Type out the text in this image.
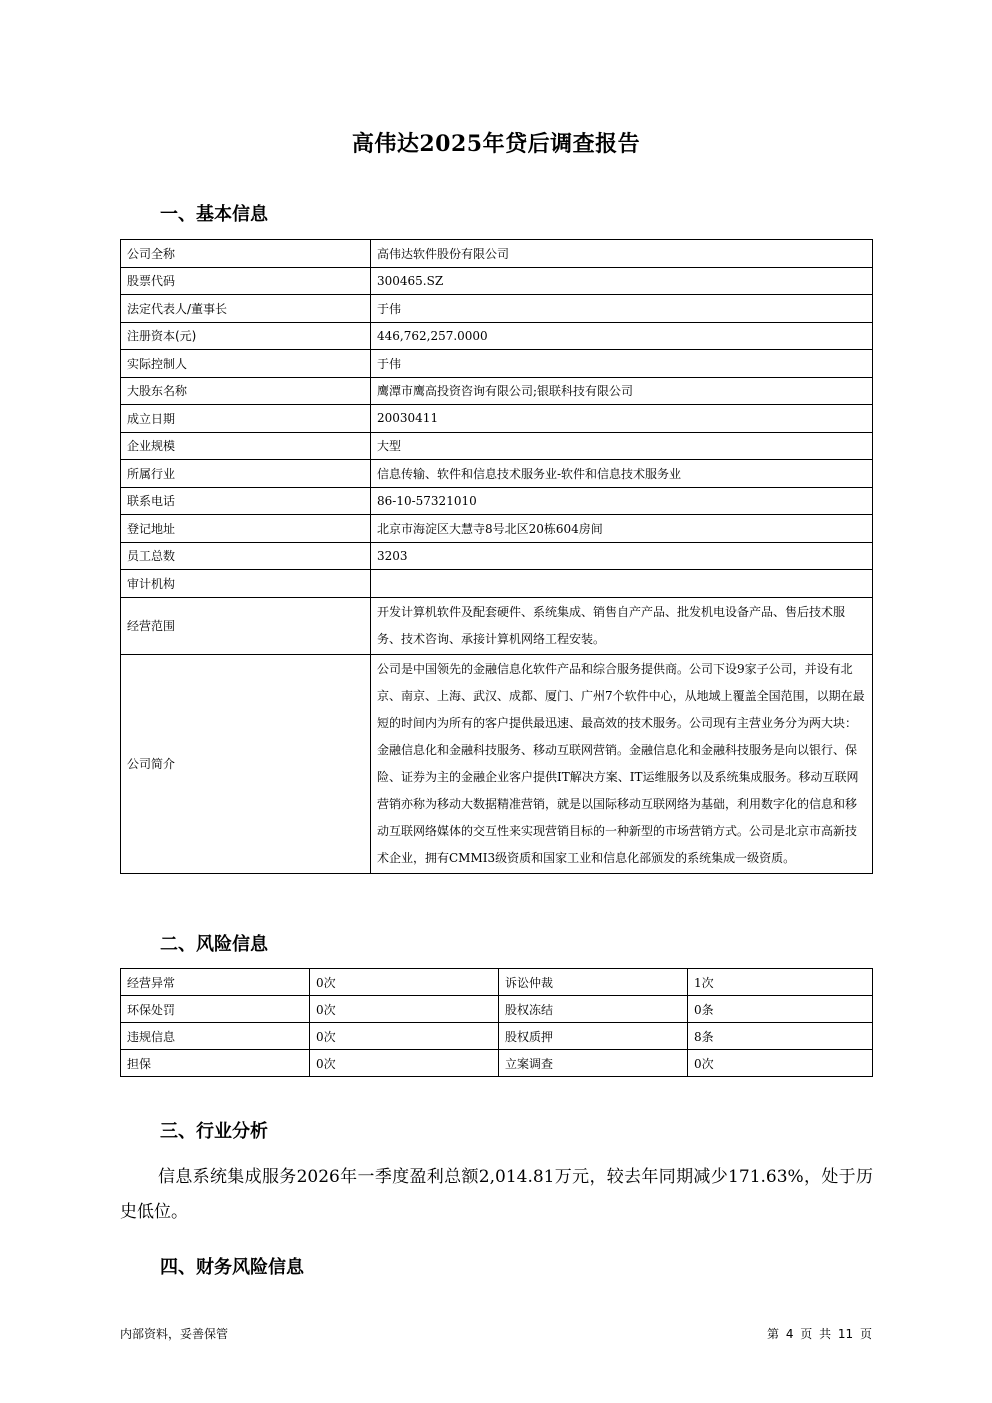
高伟达2025年贷后调查报告
一、基本信息
公司全称	高伟达软件股份有限公司
股票代码	300465.SZ
法定代表人/董事长	于伟
注册资本(元)	446,762,257.0000
实际控制人	于伟
大股东名称	鹰潭市鹰高投资咨询有限公司;银联科技有限公司
成立日期	20030411
企业规模	大型
所属行业	信息传输、软件和信息技术服务业-软件和信息技术服务业
联系电话	86-10-57321010
登记地址	北京市海淀区大慧寺8号北区20栋604房间
员工总数	3203
审计机构	
经营范围	开发计算机软件及配套硬件、系统集成、销售自产产品、批发机电设备产品、售后技术服务、技术咨询、承接计算机网络工程安装。
公司简介	公司是中国领先的金融信息化软件产品和综合服务提供商。公司下设9家子公司，并设有北京、南京、上海、武汉、成都、厦门、广州7个软件中心，从地域上覆盖全国范围，以期在最短的时间内为所有的客户提供最迅速、最高效的技术服务。公司现有主营业务分为两大块：金融信息化和金融科技服务、移动互联网营销。金融信息化和金融科技服务是向以银行、保险、证券为主的金融企业客户提供IT解决方案、IT运维服务以及系统集成服务。移动互联网营销亦称为移动大数据精准营销，就是以国际移动互联网络为基础，利用数字化的信息和移动互联网络媒体的交互性来实现营销目标的一种新型的市场营销方式。公司是北京市高新技术企业，拥有CMMI3级资质和国家工业和信息化部颁发的系统集成一级资质。
二、风险信息
经营异常	0次	诉讼仲裁	1次
环保处罚	0次	股权冻结	0条
违规信息	0次	股权质押	8条
担保	0次	立案调查	0次
三、行业分析
信息系统集成服务2026年一季度盈利总额2,014.81万元，较去年同期减少171.63%，处于历史低位。
四、财务风险信息
内部资料，妥善保管	第 4 页 共 11 页
